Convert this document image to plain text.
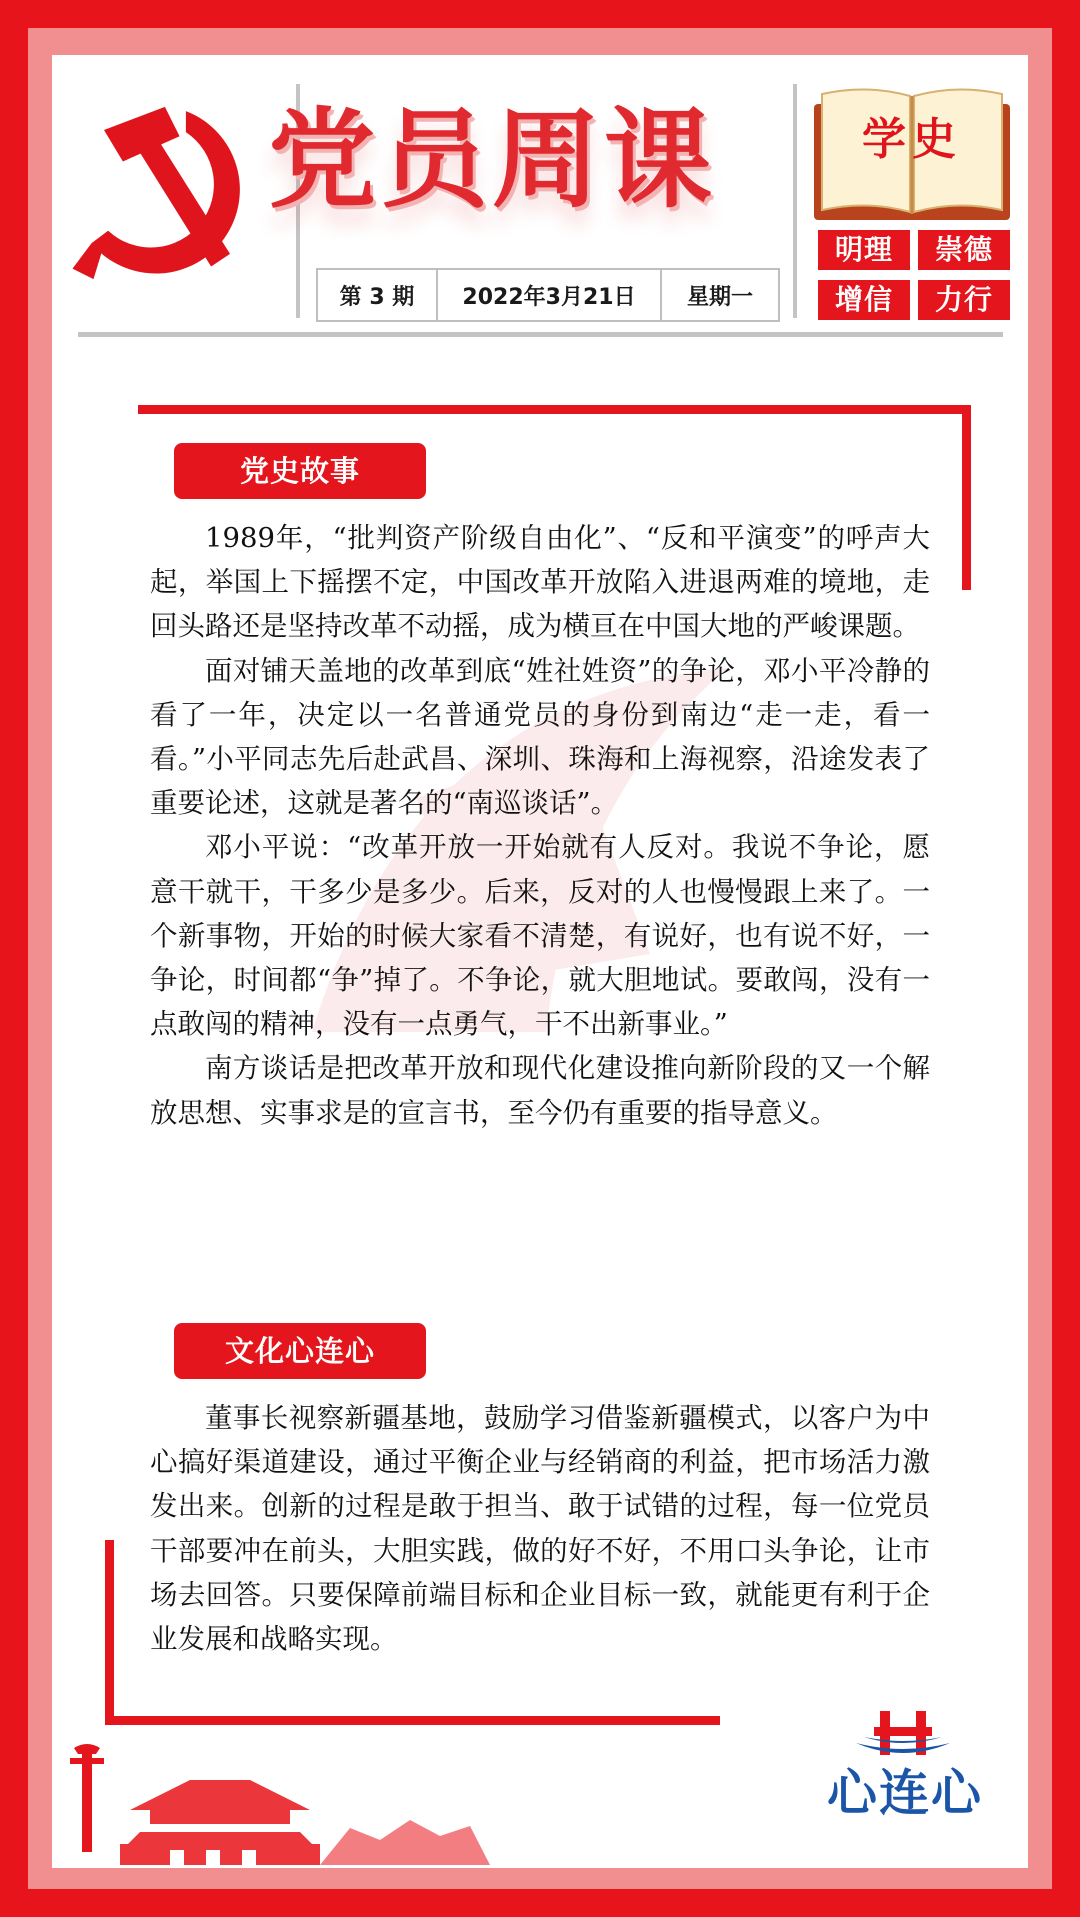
党员周课
第 3 期	2022年3月21日	星期一
学史
明理	崇德
增信	力行
党史故事

1989年，“批判资产阶级自由化”、“反和平演变”的呼声大起，举国上下摇摆不定，中国改革开放陷入进退两难的境地，走回头路还是坚持改革不动摇，成为横亘在中国大地的严峻课题。

面对铺天盖地的改革到底“姓社姓资”的争论，邓小平冷静的看了一年，决定以一名普通党员的身份到南边“走一走，看一看。”小平同志先后赴武昌、深圳、珠海和上海视察，沿途发表了重要论述，这就是著名的“南巡谈话”。

邓小平说：“改革开放一开始就有人反对。我说不争论，愿意干就干，干多少是多少。后来，反对的人也慢慢跟上来了。一个新事物，开始的时候大家看不清楚，有说好，也有说不好，一争论，时间都“争”掉了。不争论，就大胆地试。要敢闯，没有一点敢闯的精神，没有一点勇气，干不出新事业。”

南方谈话是把改革开放和现代化建设推向新阶段的又一个解放思想、实事求是的宣言书，至今仍有重要的指导意义。

文化心连心

董事长视察新疆基地，鼓励学习借鉴新疆模式，以客户为中心搞好渠道建设，通过平衡企业与经销商的利益，把市场活力激发出来。创新的过程是敢于担当、敢于试错的过程，每一位党员干部要冲在前头，大胆实践，做的好不好，不用口头争论，让市场去回答。只要保障前端目标和企业目标一致，就能更有利于企业发展和战略实现。

心连心
